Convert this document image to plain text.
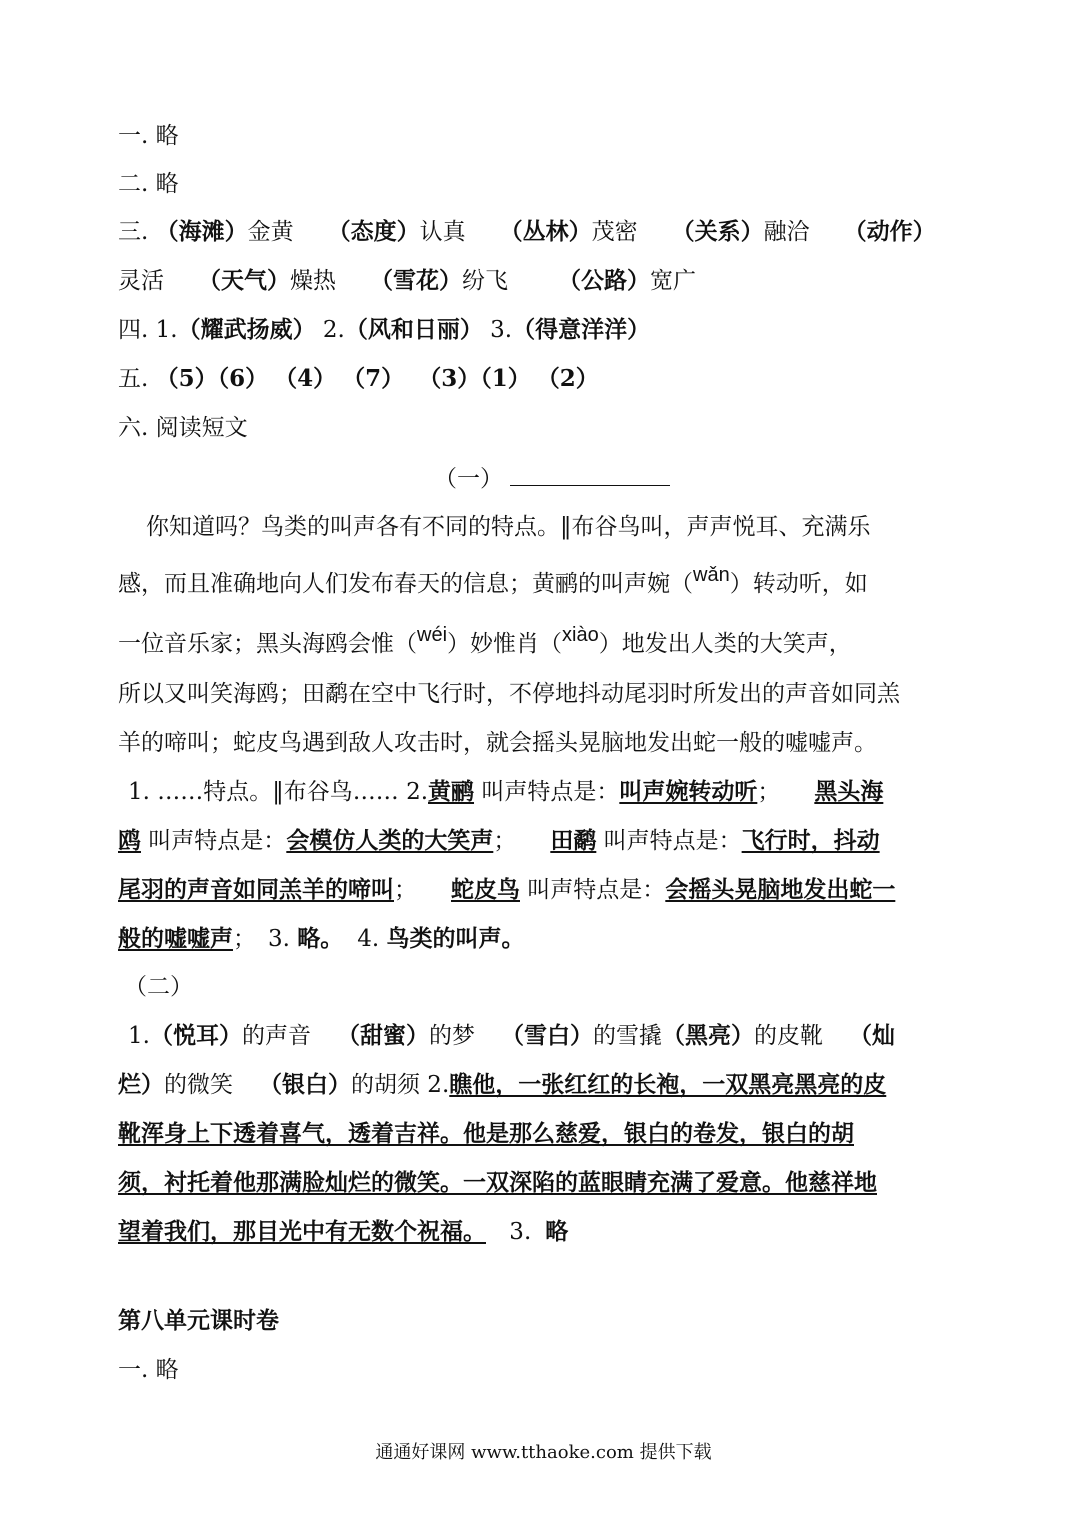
一. 略
二. 略
三. （海滩）金黄 （态度）认真 （丛林）茂密 （关系）融洽 （动作）
灵活 （天气）燥热 （雪花）纷飞 （公路）宽广
四. 1.（耀武扬威） 2.（风和日丽） 3.（得意洋洋）
五. （5）（6） （4） （7） （3）（1） （2）
六. 阅读短文
（一）
你知道吗？鸟类的叫声各有不同的特点。‖布谷鸟叫，声声悦耳、充满乐
感，而且准确地向人们发布春天的信息；黄鹂的叫声婉（wǎn）转动听，如
一位音乐家；黑头海鸥会惟（wéi）妙惟肖（xiào）地发出人类的大笑声，
所以又叫笑海鸥；田鹬在空中飞行时，不停地抖动尾羽时所发出的声音如同羔
羊的啼叫；蛇皮鸟遇到敌人攻击时，就会摇头晃脑地发出蛇一般的嘘嘘声。
1. ……特点。‖布谷鸟…… 2.黄鹂 叫声特点是：叫声婉转动听； 黑头海
鸥 叫声特点是：会模仿人类的大笑声； 田鹬 叫声特点是：飞行时，抖动
尾羽的声音如同羔羊的啼叫； 蛇皮鸟 叫声特点是：会摇头晃脑地发出蛇一
般的嘘嘘声； 3. 略。 4. 鸟类的叫声。
（二）
1.（悦耳）的声音 （甜蜜）的梦 （雪白）的雪撬（黑亮）的皮靴 （灿
烂）的微笑 （银白）的胡须 2.瞧他，一张红红的长袍，一双黑亮黑亮的皮
靴浑身上下透着喜气，透着吉祥。他是那么慈爱，银白的卷发，银白的胡
须，衬托着他那满脸灿烂的微笑。一双深陷的蓝眼睛充满了爱意。他慈祥地
望着我们，那目光中有无数个祝福。 3. 略
第八单元课时卷
一. 略
通通好课网 www.tthaoke.com 提供下载
